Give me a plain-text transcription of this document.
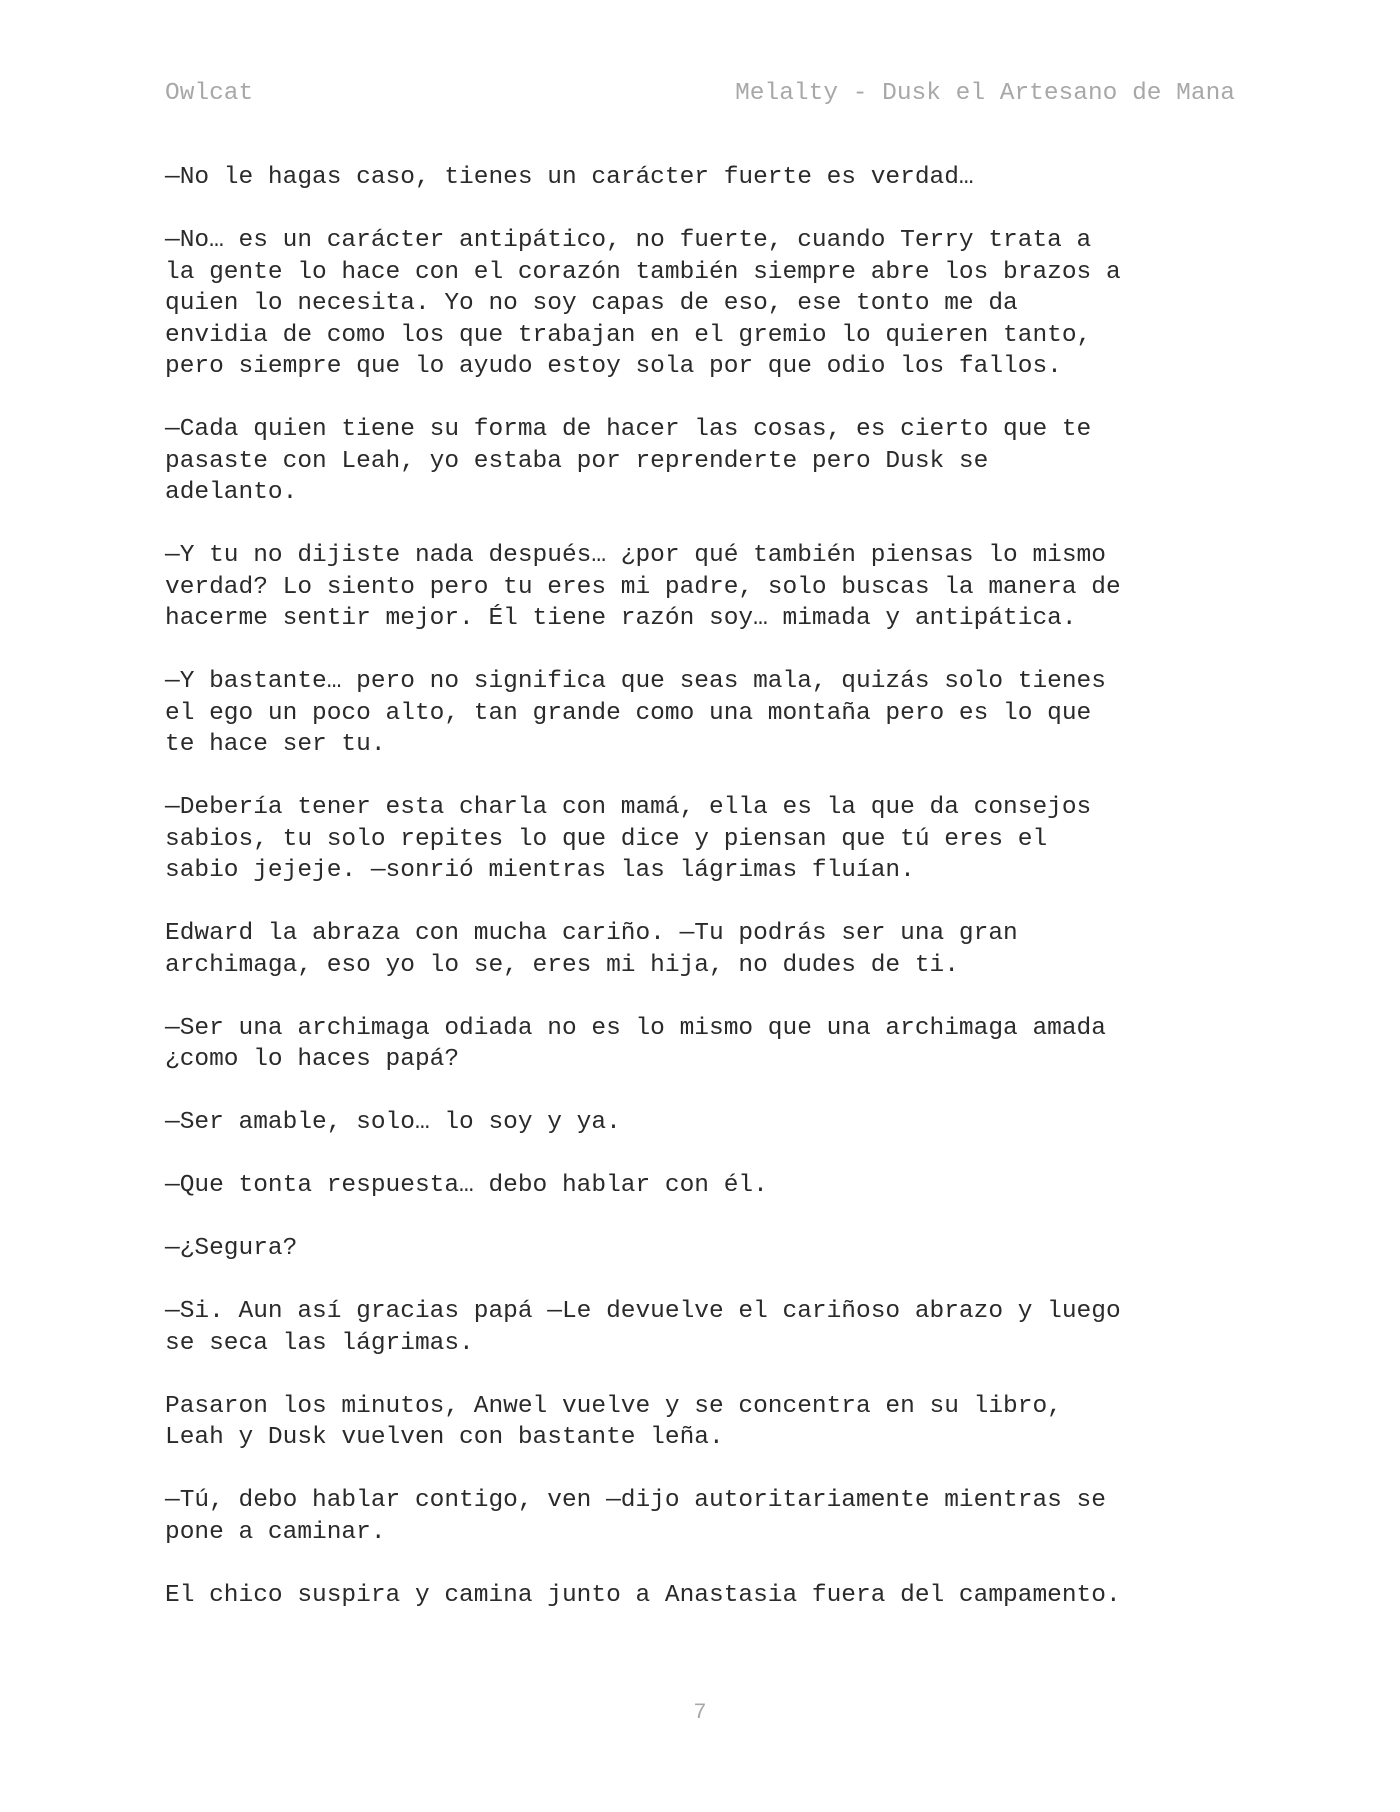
Owlcat	Melalty - Dusk el Artesano de Mana

—No le hagas caso, tienes un carácter fuerte es verdad…

—No… es un carácter antipático, no fuerte, cuando Terry trata a
la gente lo hace con el corazón también siempre abre los brazos a
quien lo necesita. Yo no soy capas de eso, ese tonto me da
envidia de como los que trabajan en el gremio lo quieren tanto,
pero siempre que lo ayudo estoy sola por que odio los fallos.

—Cada quien tiene su forma de hacer las cosas, es cierto que te
pasaste con Leah, yo estaba por reprenderte pero Dusk se
adelanto.

—Y tu no dijiste nada después… ¿por qué también piensas lo mismo
verdad? Lo siento pero tu eres mi padre, solo buscas la manera de
hacerme sentir mejor. Él tiene razón soy… mimada y antipática.

—Y bastante… pero no significa que seas mala, quizás solo tienes
el ego un poco alto, tan grande como una montaña pero es lo que
te hace ser tu.

—Debería tener esta charla con mamá, ella es la que da consejos
sabios, tu solo repites lo que dice y piensan que tú eres el
sabio jejeje. —sonrió mientras las lágrimas fluían.

Edward la abraza con mucha cariño. —Tu podrás ser una gran
archimaga, eso yo lo se, eres mi hija, no dudes de ti.

—Ser una archimaga odiada no es lo mismo que una archimaga amada
¿como lo haces papá?

—Ser amable, solo… lo soy y ya.

—Que tonta respuesta… debo hablar con él.

—¿Segura?

—Si. Aun así gracias papá —Le devuelve el cariñoso abrazo y luego
se seca las lágrimas.

Pasaron los minutos, Anwel vuelve y se concentra en su libro,
Leah y Dusk vuelven con bastante leña.

—Tú, debo hablar contigo, ven —dijo autoritariamente mientras se
pone a caminar.

El chico suspira y camina junto a Anastasia fuera del campamento.

7
